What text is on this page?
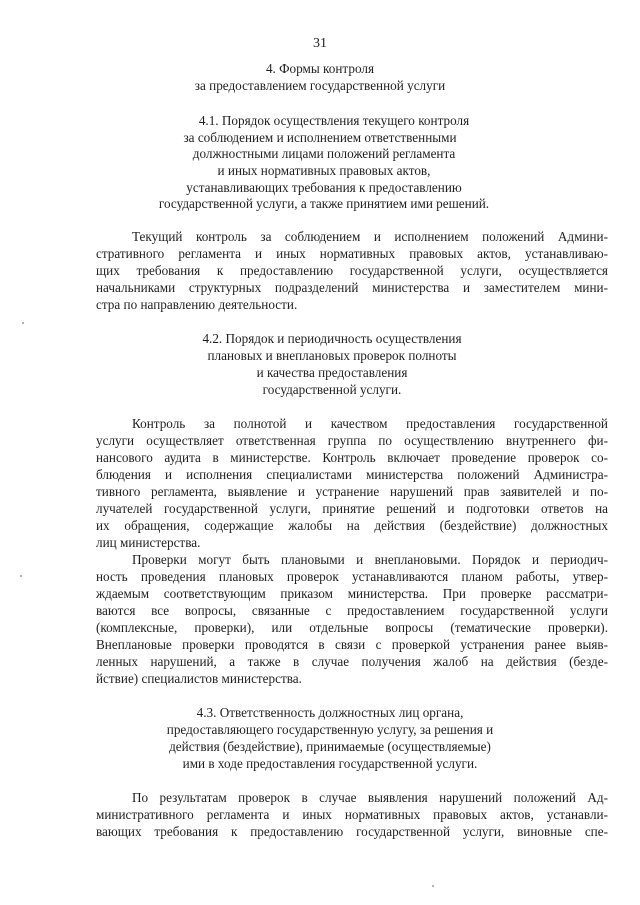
31
4. Формы контроля
за предоставлением государственной услуги
4.1. Порядок осуществления текущего контроля
за соблюдением и исполнением ответственными
должностными лицами положений регламента
и иных нормативных правовых актов,
устанавливающих требования к предоставлению
государственной услуги, а также принятием ими решений.
Текущий контроль за соблюдением и исполнением положений Админи-
стративного регламента и иных нормативных правовых актов, устанавливаю-
щих требования к предоставлению государственной услуги, осуществляется
начальниками структурных подразделений министерства и заместителем мини-
стра по направлению деятельности.
4.2. Порядок и периодичность осуществления
плановых и внеплановых проверок полноты
и качества предоставления
государственной услуги.
Контроль за полнотой и качеством предоставления государственной
услуги осуществляет ответственная группа по осуществлению внутреннего фи-
нансового аудита в министерстве. Контроль включает проведение проверок со-
блюдения и исполнения специалистами министерства положений Администра-
тивного регламента, выявление и устранение нарушений прав заявителей и по-
лучателей государственной услуги, принятие решений и подготовки ответов на
их обращения, содержащие жалобы на действия (бездействие) должностных
лиц министерства.
Проверки могут быть плановыми и внеплановыми. Порядок и периодич-
ность проведения плановых проверок устанавливаются планом работы, утвер-
ждаемым соответствующим приказом министерства. При проверке рассматри-
ваются все вопросы, связанные с предоставлением государственной услуги
(комплексные, проверки), или отдельные вопросы (тематические проверки).
Внеплановые проверки проводятся в связи с проверкой устранения ранее выяв-
ленных нарушений, а также в случае получения жалоб на действия (безде-
йствие) специалистов министерства.
4.3. Ответственность должностных лиц органа,
предоставляющего государственную услугу, за решения и
действия (бездействие), принимаемые (осуществляемые)
ими в ходе предоставления государственной услуги.
По результатам проверок в случае выявления нарушений положений Ад-
министративного регламента и иных нормативных правовых актов, устанавли-
вающих требования к предоставлению государственной услуги, виновные спе-
